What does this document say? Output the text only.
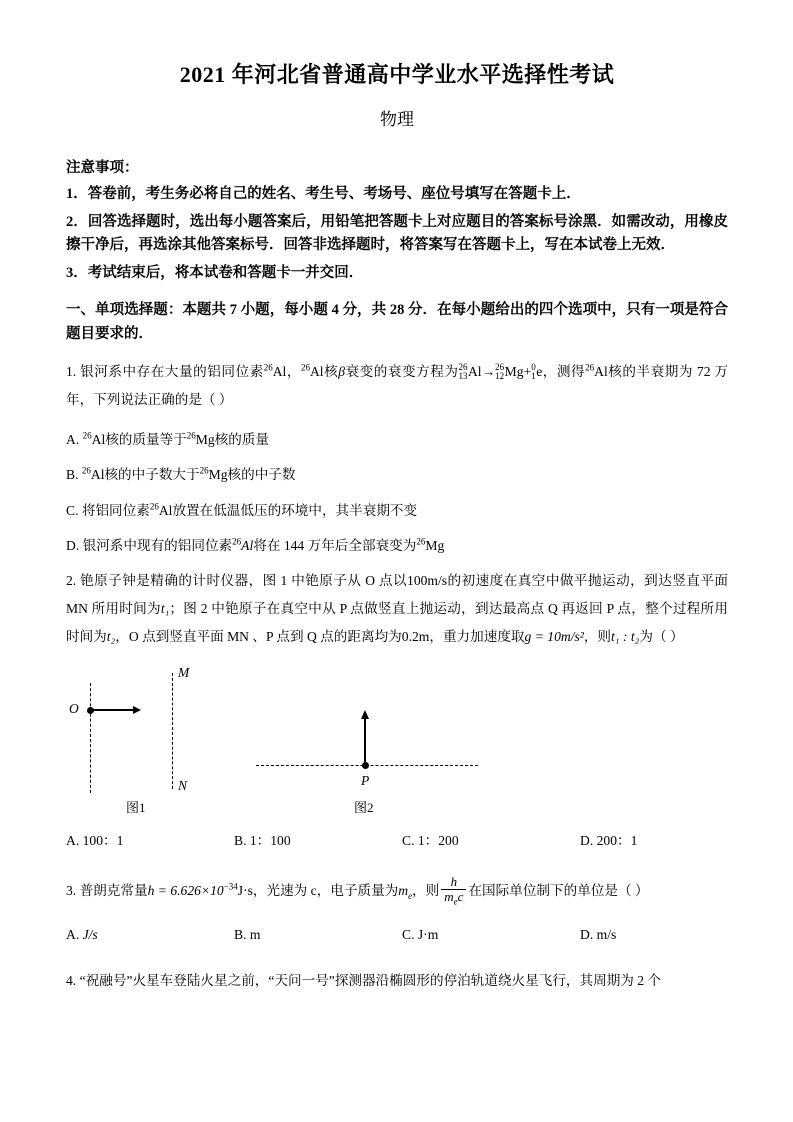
2021 年河北省普通高中学业水平选择性考试
物理
注意事项：
1．答卷前，考生务必将自己的姓名、考生号、考场号、座位号填写在答题卡上．
2．回答选择题时，选出每小题答案后，用铅笔把答题卡上对应题目的答案标号涂黑．如需改动，用橡皮擦干净后，再选涂其他答案标号．回答非选择题时，将答案写在答题卡上，写在本试卷上无效．
3．考试结束后，将本试卷和答题卡一并交回．
一、单项选择题：本题共 7 小题，每小题 4 分，共 28 分．在每小题给出的四个选项中，只有一项是符合题目要求的．
1. 银河系中存在大量的铝同位素$^{26}$Al，$^{26}$Al核β衰变的衰变方程为 26
13 Al→ 26
12 Mg+ 0
1 e，测得$^{26}$Al核的半衰期为 72 万年，下列说法正确的是（ ）
A. $^{26}$Al核的质量等于$^{26}$Mg核的质量
B. $^{26}$Al核的中子数大于$^{26}$Mg核的中子数
C. 将铝同位素$^{26}$Al放置在低温低压的环境中，其半衰期不变
D. 银河系中现有的铝同位素$^{26}$Al将在 144 万年后全部衰变为$^{26}$Mg
2. 铯原子钟是精确的计时仪器，图 1 中铯原子从 O 点以100m/s的初速度在真空中做平抛运动，到达竖直平面MN 所用时间为t₁；图 2 中铯原子在真空中从 P 点做竖直上抛运动，到达最高点 Q 再返回 P 点，整个过程所用时间为t₂，O 点到竖直平面 MN 、P 点到 Q 点的距离均为0.2m，重力加速度取g = 10m/s²，则t₁ : t₂为（ ）
O
M
N
图1
P
图2
A. 100：1	B. 1：100	C. 1：200	D. 200：1
3. 普朗克常量$h = 6.626\times 10^{-34}J\cdot s$，光速为 c，电子质量为$m_e$，则 $\frac{h}{m_ec}$ 在国际单位制下的单位是（ ）
A. J/s	B. m	C. J·m	D. m/s
4. “祝融号”火星车登陆火星之前，“天问一号”探测器沿椭圆形的停泊轨道绕火星飞行，其周期为 2 个
